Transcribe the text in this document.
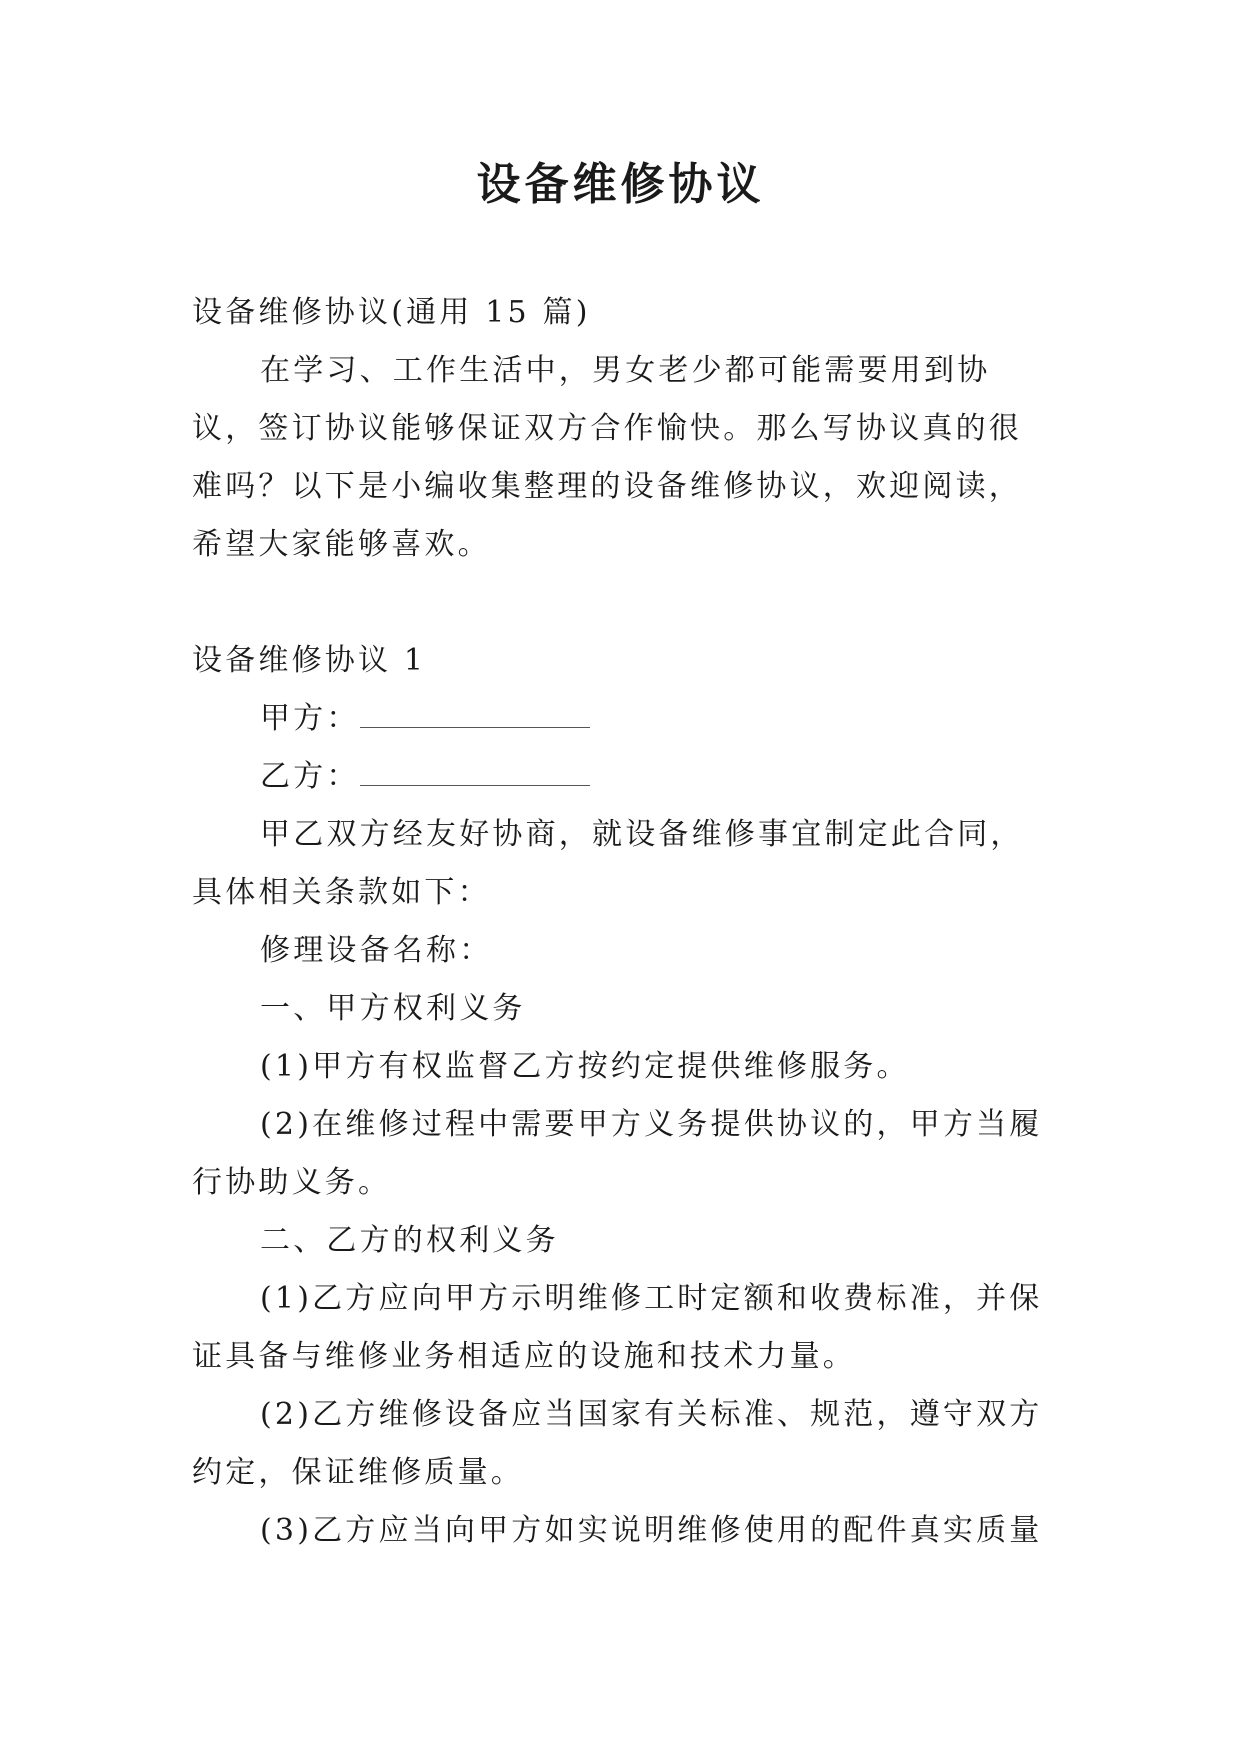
设备维修协议

设备维修协议(通用 15 篇)

在学习、工作生活中，男女老少都可能需要用到协议，签订协议能够保证双方合作愉快。那么写协议真的很难吗？以下是小编收集整理的设备维修协议，欢迎阅读，希望大家能够喜欢。

设备维修协议 1

甲方：

乙方：

甲乙双方经友好协商，就设备维修事宜制定此合同，具体相关条款如下：

修理设备名称：

一、甲方权利义务

(1)甲方有权监督乙方按约定提供维修服务。

(2)在维修过程中需要甲方义务提供协议的，甲方当履行协助义务。

二、乙方的权利义务

(1)乙方应向甲方示明维修工时定额和收费标准，并保证具备与维修业务相适应的设施和技术力量。

(2)乙方维修设备应当国家有关标准、规范，遵守双方约定，保证维修质量。

(3)乙方应当向甲方如实说明维修使用的配件真实质量
